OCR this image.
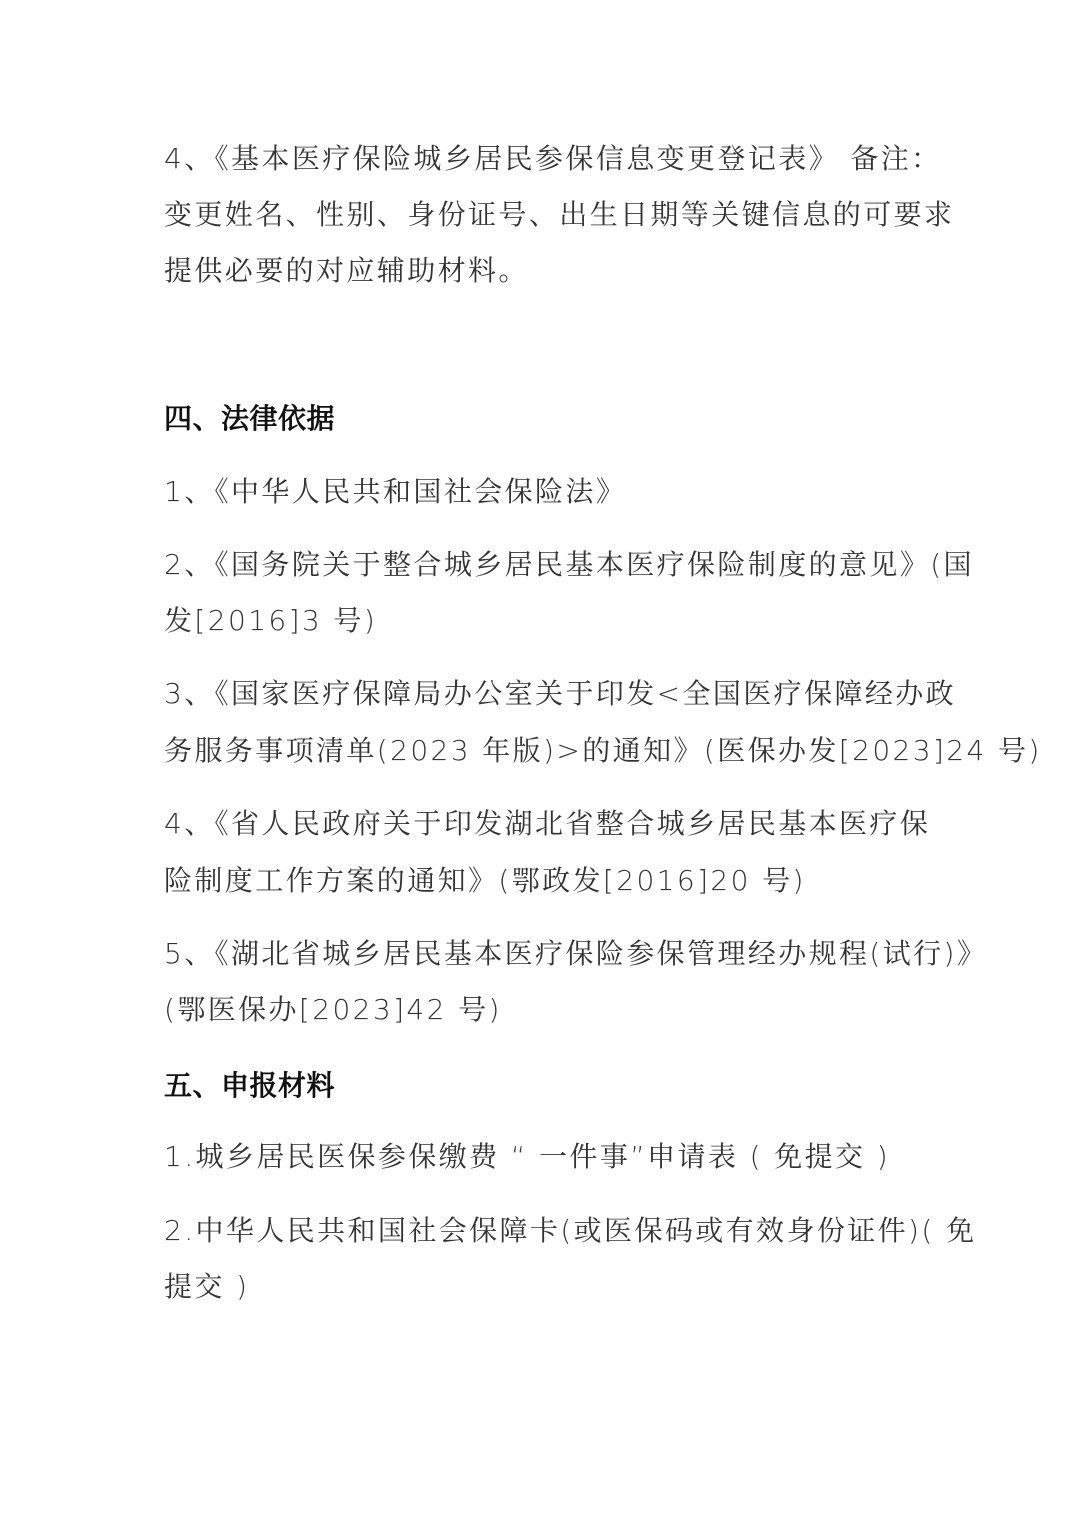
4、《基本医疗保险城乡居民参保信息变更登记表》 备注：
变更姓名、性别、身份证号、出生日期等关键信息的可要求
提供必要的对应辅助材料。
四、法律依据
1、《中华人民共和国社会保险法》
2、《国务院关于整合城乡居民基本医疗保险制度的意见》(国
发[2016]3 号)
3、《国家医疗保障局办公室关于印发<全国医疗保障经办政
务服务事项清单(2023 年版)>的通知》(医保办发[2023]24 号)
4、《省人民政府关于印发湖北省整合城乡居民基本医疗保
险制度工作方案的通知》(鄂政发[2016]20 号)
5、《湖北省城乡居民基本医疗保险参保管理经办规程(试行)》
(鄂医保办[2023]42 号)
五、申报材料
1.城乡居民医保参保缴费 “ 一件事”申请表 ( 免提交 )
2.中华人民共和国社会保障卡(或医保码或有效身份证件)( 免
提交 )
